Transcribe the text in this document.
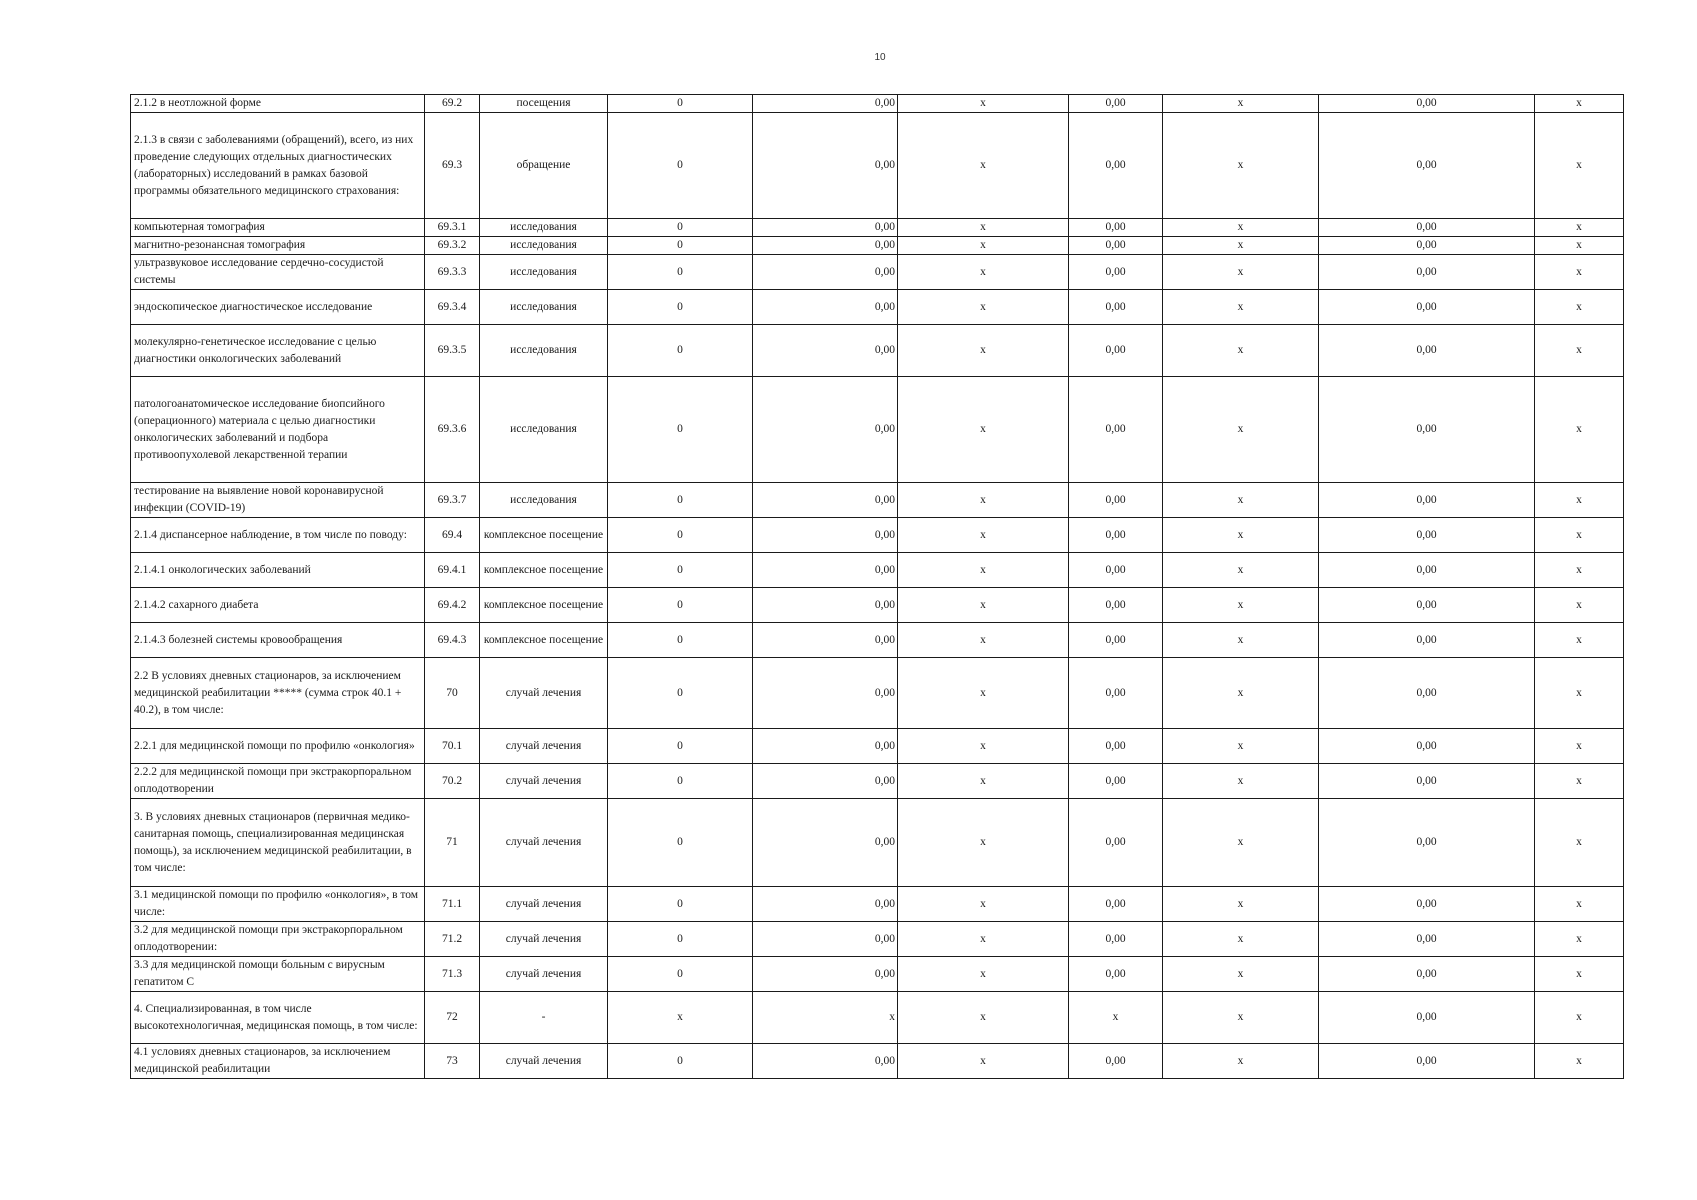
10
2.1.2 в неотложной форме	69.2	посещения	0	0,00	x	0,00	x	0,00	x
2.1.3 в связи с заболеваниями (обращений), всего, из них проведение следующих отдельных диагностических (лабораторных) исследований в рамках базовой программы обязательного медицинского страхования:	69.3	обращение	0	0,00	x	0,00	x	0,00	x
компьютерная томография	69.3.1	исследования	0	0,00	x	0,00	x	0,00	x
магнитно-резонансная томография	69.3.2	исследования	0	0,00	x	0,00	x	0,00	x
ультразвуковое исследование сердечно-сосудистой системы	69.3.3	исследования	0	0,00	x	0,00	x	0,00	x
эндоскопическое диагностическое исследование	69.3.4	исследования	0	0,00	x	0,00	x	0,00	x
молекулярно-генетическое исследование с целью диагностики онкологических заболеваний	69.3.5	исследования	0	0,00	x	0,00	x	0,00	x
патологоанатомическое исследование биопсийного (операционного) материала с целью диагностики онкологических заболеваний и подбора противоопухолевой лекарственной терапии	69.3.6	исследования	0	0,00	x	0,00	x	0,00	x
тестирование на выявление новой коронавирусной инфекции (COVID-19)	69.3.7	исследования	0	0,00	x	0,00	x	0,00	x
2.1.4 диспансерное наблюдение, в том числе по поводу:	69.4	комплексное посещение	0	0,00	x	0,00	x	0,00	x
2.1.4.1 онкологических заболеваний	69.4.1	комплексное посещение	0	0,00	x	0,00	x	0,00	x
2.1.4.2 сахарного диабета	69.4.2	комплексное посещение	0	0,00	x	0,00	x	0,00	x
2.1.4.3 болезней системы кровообращения	69.4.3	комплексное посещение	0	0,00	x	0,00	x	0,00	x
2.2 В условиях дневных стационаров, за исключением медицинской реабилитации ***** (сумма строк 40.1 + 40.2), в том числе:	70	случай лечения	0	0,00	x	0,00	x	0,00	x
2.2.1 для медицинской помощи по профилю «онкология»	70.1	случай лечения	0	0,00	x	0,00	x	0,00	x
2.2.2 для медицинской помощи при экстракорпоральном оплодотворении	70.2	случай лечения	0	0,00	x	0,00	x	0,00	x
3. В условиях дневных стационаров (первичная медико-санитарная помощь, специализированная медицинская помощь), за исключением медицинской реабилитации, в том числе:	71	случай лечения	0	0,00	x	0,00	x	0,00	x
3.1 медицинской помощи по профилю «онкология», в том числе:	71.1	случай лечения	0	0,00	x	0,00	x	0,00	x
3.2 для медицинской помощи при экстракорпоральном оплодотворении:	71.2	случай лечения	0	0,00	x	0,00	x	0,00	x
3.3 для медицинской помощи больным с вирусным гепатитом С	71.3	случай лечения	0	0,00	x	0,00	x	0,00	x
4. Специализированная, в том числе высокотехнологичная, медицинская помощь, в том числе:	72	-	x	x	x	x	x	0,00	x
4.1 условиях дневных стационаров, за исключением медицинской реабилитации	73	случай лечения	0	0,00	x	0,00	x	0,00	x
